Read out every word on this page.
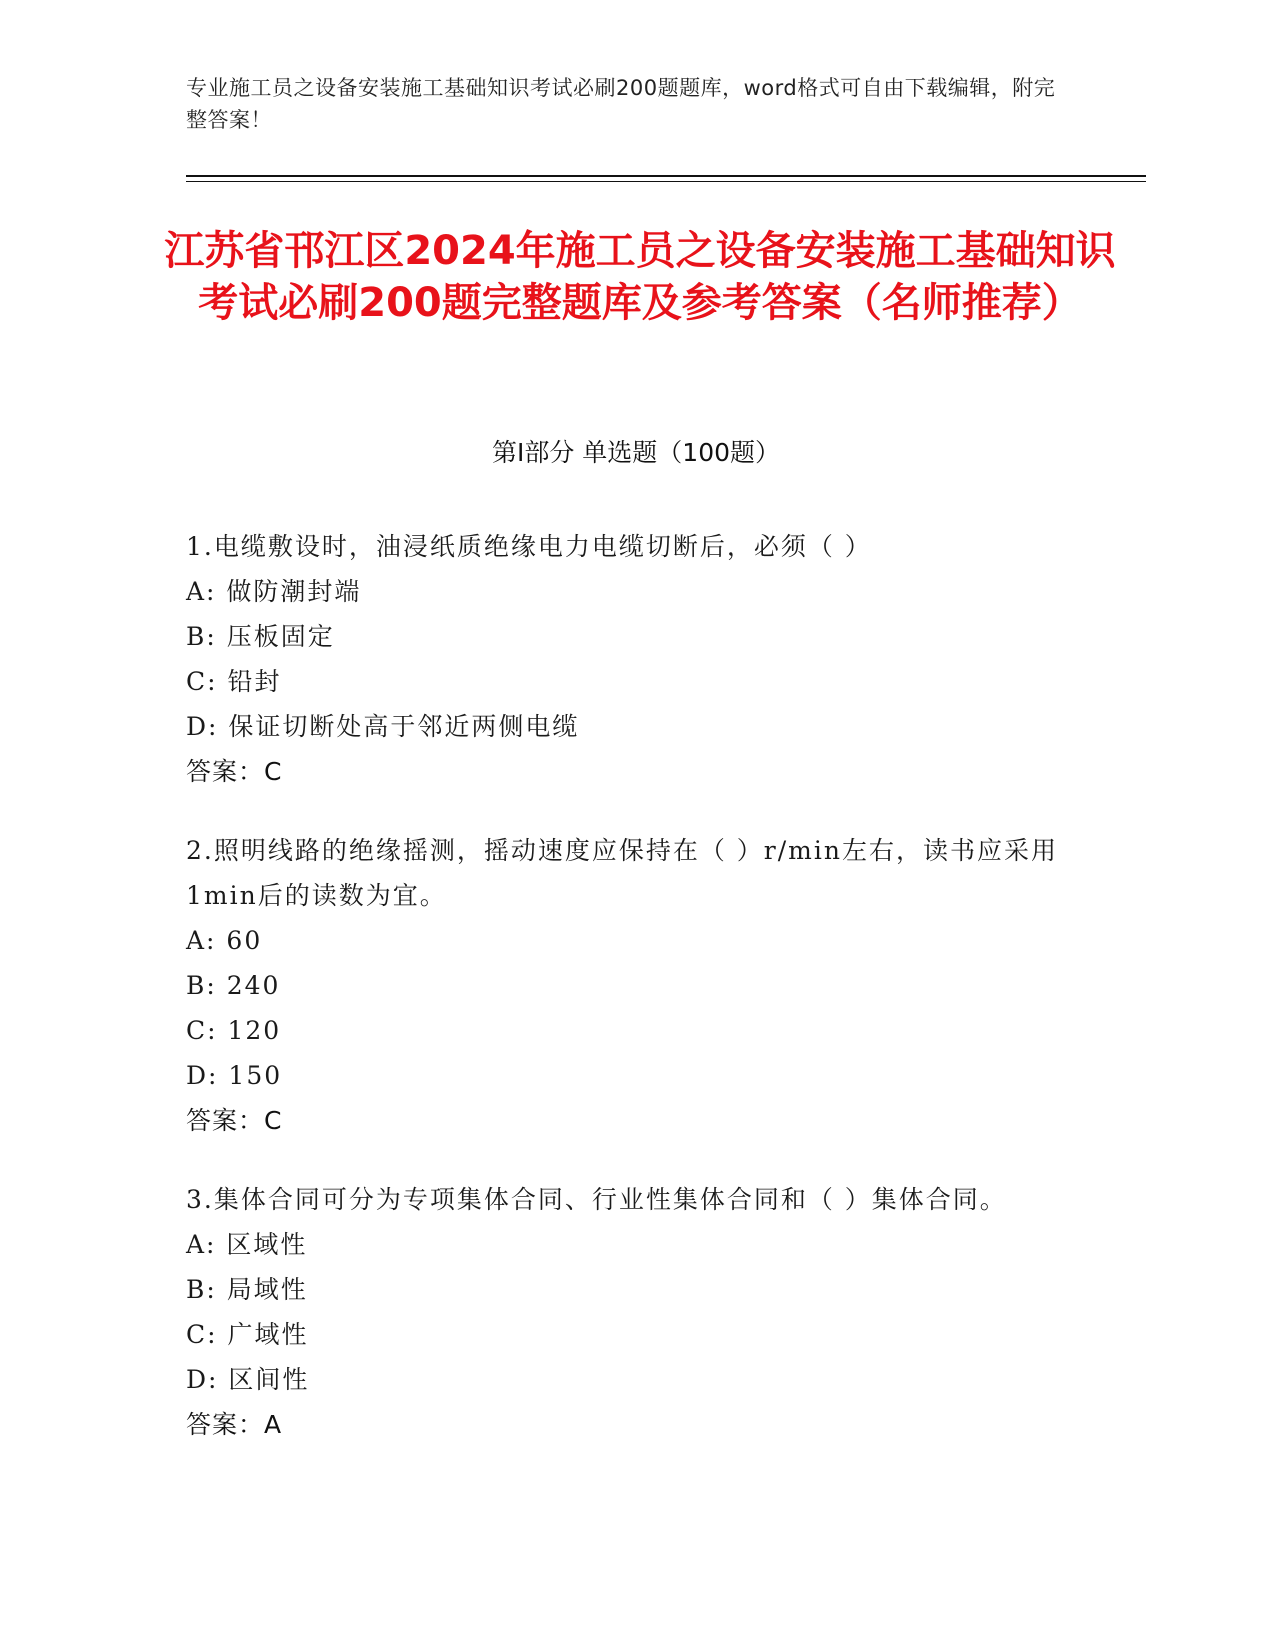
专业施工员之设备安装施工基础知识考试必刷200题题库，word格式可自由下载编辑，附完整答案！
江苏省邗江区2024年施工员之设备安装施工基础知识考试必刷200题完整题库及参考答案（名师推荐）
第I部分 单选题（100题）
1.电缆敷设时，油浸纸质绝缘电力电缆切断后，必须（ ）
A: 做防潮封端
B: 压板固定
C: 铅封
D: 保证切断处高于邻近两侧电缆
答案：C
2.照明线路的绝缘摇测，摇动速度应保持在（ ）r/min左右，读书应采用1min后的读数为宜。
A: 60
B: 240
C: 120
D: 150
答案：C
3.集体合同可分为专项集体合同、行业性集体合同和（ ）集体合同。
A: 区域性
B: 局域性
C: 广域性
D: 区间性
答案：A
